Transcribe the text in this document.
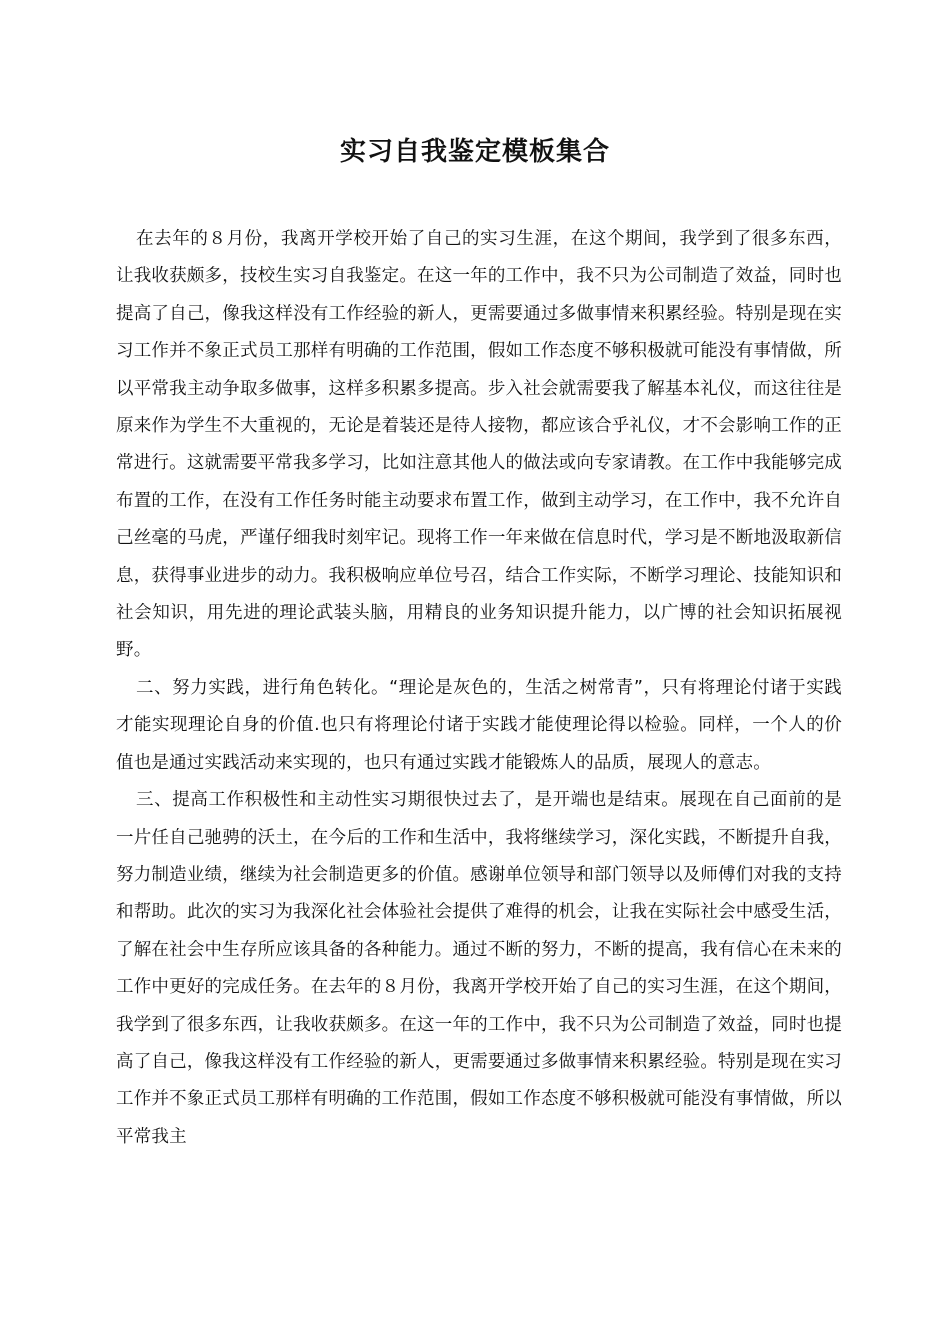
实习自我鉴定模板集合

在去年的８月份，我离开学校开始了自己的实习生涯，在这个期间，我学到了很多东西，让我收获颇多，技校生实习自我鉴定。在这一年的工作中，我不只为公司制造了效益，同时也提高了自己，像我这样没有工作经验的新人，更需要通过多做事情来积累经验。特别是现在实习工作并不象正式员工那样有明确的工作范围，假如工作态度不够积极就可能没有事情做，所以平常我主动争取多做事，这样多积累多提高。步入社会就需要我了解基本礼仪，而这往往是原来作为学生不大重视的，无论是着装还是待人接物，都应该合乎礼仪，才不会影响工作的正常进行。这就需要平常我多学习，比如注意其他人的做法或向专家请教。在工作中我能够完成布置的工作，在没有工作任务时能主动要求布置工作，做到主动学习，在工作中，我不允许自己丝毫的马虎，严谨仔细我时刻牢记。现将工作一年来做在信息时代，学习是不断地汲取新信息，获得事业进步的动力。我积极响应单位号召，结合工作实际，不断学习理论、技能知识和社会知识，用先进的理论武装头脑，用精良的业务知识提升能力，以广博的社会知识拓展视野。

二、努力实践，进行角色转化。“理论是灰色的，生活之树常青”，只有将理论付诸于实践才能实现理论自身的价值.也只有将理论付诸于实践才能使理论得以检验。同样，一个人的价值也是通过实践活动来实现的，也只有通过实践才能锻炼人的品质，展现人的意志。

三、提高工作积极性和主动性实习期很快过去了，是开端也是结束。展现在自己面前的是一片任自己驰骋的沃土，在今后的工作和生活中，我将继续学习，深化实践，不断提升自我，努力制造业绩，继续为社会制造更多的价值。感谢单位领导和部门领导以及师傅们对我的支持和帮助。此次的实习为我深化社会体验社会提供了难得的机会，让我在实际社会中感受生活，了解在社会中生存所应该具备的各种能力。通过不断的努力，不断的提高，我有信心在未来的工作中更好的完成任务。在去年的８月份，我离开学校开始了自己的实习生涯，在这个期间，我学到了很多东西，让我收获颇多。在这一年的工作中，我不只为公司制造了效益，同时也提高了自己，像我这样没有工作经验的新人，更需要通过多做事情来积累经验。特别是现在实习工作并不象正式员工那样有明确的工作范围，假如工作态度不够积极就可能没有事情做，所以平常我主
